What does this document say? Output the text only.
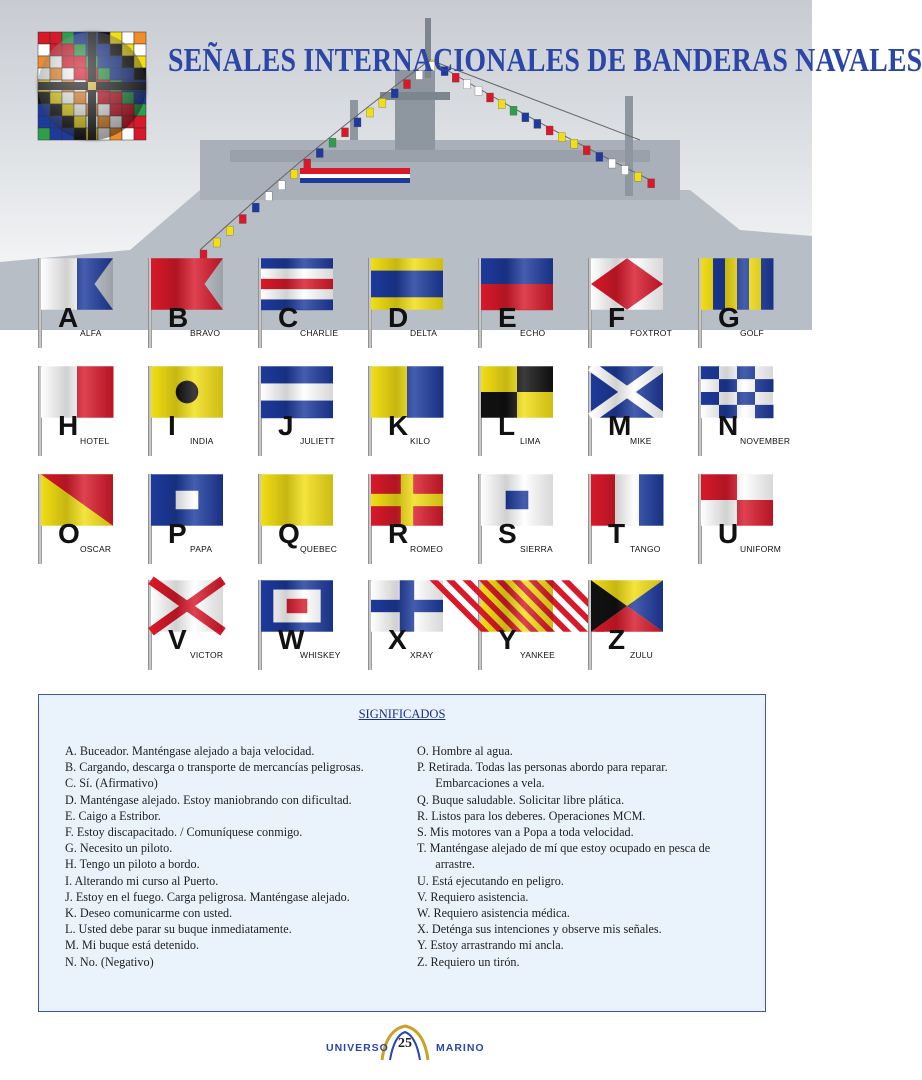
SEÑALES INTERNACIONALES DE BANDERAS NAVALES
A ALFA B BRAVO C CHARLIE D DELTA E ECHO F FOXTROT G GOLF
H HOTEL I INDIA J JULIETT K KILO L LIMA M
MIKE N NOVEMBER
O OSCAR P PAPA Q QUEBEC R ROMEO S SIERRA T TANGO U UNIFORM
V VICTOR W
WHISKEY X XRAY Y YANKEE Z ZULU
SIGNIFICADOS
A. Buceador. Manténgase alejado a baja velocidad.
B. Cargando, descarga o transporte de mercancías peligrosas.
C. Sí. (Afirmativo)
D. Manténgase alejado. Estoy maniobrando con dificultad.
E. Caigo a Estribor.
F. Estoy discapacitado. / Comuníquese conmigo.
G. Necesito un piloto.
H. Tengo un piloto a bordo.
I. Alterando mi curso al Puerto.
J. Estoy en el fuego. Carga peligrosa. Manténgase alejado.
K. Deseo comunicarme con usted.
L. Usted debe parar su buque inmediatamente.
M. Mi buque está detenido.
N. No. (Negativo)
O. Hombre al agua.
P. Retirada. Todas las personas abordo para reparar.
Embarcaciones a vela.
Q. Buque saludable. Solicitar libre plática.
R. Listos para los deberes. Operaciones MCM.
S. Mis motores van a Popa a toda velocidad.
T. Manténgase alejado de mí que estoy ocupado en pesca de
arrastre.
U. Está ejecutando en peligro.
V. Requiero asistencia.
W. Requiero asistencia médica.
X. Deténga sus intenciones y observe mis señales.
Y. Estoy arrastrando mi ancla.
Z. Requiero un tirón.
UNIVERSO 25 MARINO
